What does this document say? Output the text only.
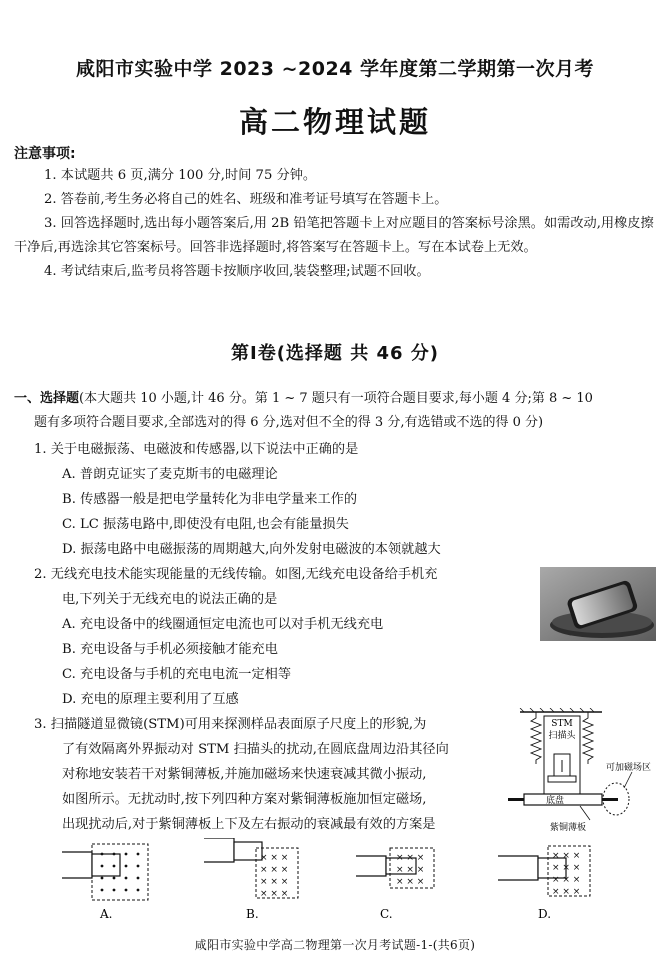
咸阳市实验中学 2023 ~2024 学年度第二学期第一次月考
高二物理试题
注意事项:

1. 本试题共 6 页,满分 100 分,时间 75 分钟。

2. 答卷前,考生务必将自己的姓名、班级和准考证号填写在答题卡上。

3. 回答选择题时,选出每小题答案后,用 2B 铅笔把答题卡上对应题目的答案标号涂黑。如需改动,用橡皮擦干净后,再选涂其它答案标号。回答非选择题时,将答案写在答题卡上。写在本试卷上无效。

4. 考试结束后,监考员将答题卡按顺序收回,装袋整理;试题不回收。

第Ⅰ卷(选择题 共 46 分)
一、选择题(本大题共 10 小题,计 46 分。第 1 ~ 7 题只有一项符合题目要求,每小题 4 分;第 8 ~ 10
题有多项符合题目要求,全部选对的得 6 分,选对但不全的得 3 分,有选错或不选的得 0 分)

1. 关于电磁振荡、电磁波和传感器,以下说法中正确的是

A. 普朗克证实了麦克斯韦的电磁理论

B. 传感器一般是把电学量转化为非电学量来工作的

C. LC 振荡电路中,即使没有电阻,也会有能量损失

D. 振荡电路中电磁振荡的周期越大,向外发射电磁波的本领就越大

2. 无线充电技术能实现能量的无线传输。如图,无线充电设备给手机充

电,下列关于无线充电的说法正确的是

A. 充电设备中的线圈通恒定电流也可以对手机无线充电

B. 充电设备与手机必须接触才能充电

C. 充电设备与手机的充电电流一定相等

D. 充电的原理主要利用了互感

3. 扫描隧道显微镜(STM)可用来探测样品表面原子尺度上的形貌,为

了有效隔离外界振动对 STM 扫描头的扰动,在圆底盘周边沿其径向

对称地安装若干对紫铜薄板,并施加磁场来快速衰减其微小振动,

如图所示。无扰动时,按下列四种方案对紫铜薄板施加恒定磁场,

出现扰动后,对于紫铜薄板上下及左右振动的衰减最有效的方案是

STM
扫描头
底盘
可加磁场区
紫铜薄板
A.
× × ×
× × ×
× × ×
× × ×
B.
× × ×
× × ×
× × ×
C.
× × ×
× × ×
× × ×
× × ×
D.
咸阳市实验中学高二物理第一次月考试题-1-(共6页)
